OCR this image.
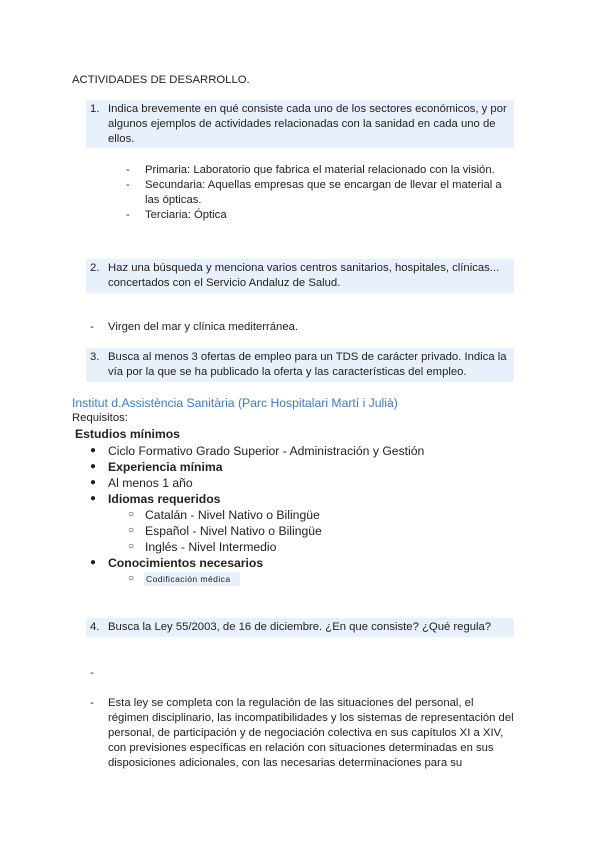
ACTIVIDADES DE DESARROLLO.
1. Indica brevemente en qué consiste cada uno de los sectores económicos, y por
algunos ejemplos de actividades relacionadas con la sanidad en cada uno de
ellos.
- Primaria: Laboratorio que fabrica el material relacionado con la visión.
- Secundaria: Aquellas empresas que se encargan de llevar el material a
las ópticas.
- Terciaria: Óptica
2. Haz una búsqueda y menciona varios centros sanitarios, hospitales, clínicas...
concertados con el Servicio Andaluz de Salud.
- Virgen del mar y clínica mediterránea.
3. Busca al menos 3 ofertas de empleo para un TDS de carácter privado. Indica la
vía por la que se ha publicado la oferta y las características del empleo.
Institut d.Assistència Sanitària (Parc Hospitalari Martí i Julià)
Requisitos:
Estudios mínimos
● Ciclo Formativo Grado Superior - Administración y Gestión
● Experiencia mínima
● Al menos 1 año
● Idiomas requeridos
○ Catalán - Nivel Nativo o Bilingüe
○ Español - Nivel Nativo o Bilingüe
○ Inglés - Nivel Intermedio
● Conocimientos necesarios
○ Codificación médica
4. Busca la Ley 55/2003, de 16 de diciembre. ¿En que consiste? ¿Qué regula?
-
- Esta ley se completa con la regulación de las situaciones del personal, el
régimen disciplinario, las incompatibilidades y los sistemas de representación del
personal, de participación y de negociación colectiva en sus capítulos XI a XIV,
con previsiones específicas en relación con situaciones determinadas en sus
disposiciones adicionales, con las necesarias determinaciones para su
